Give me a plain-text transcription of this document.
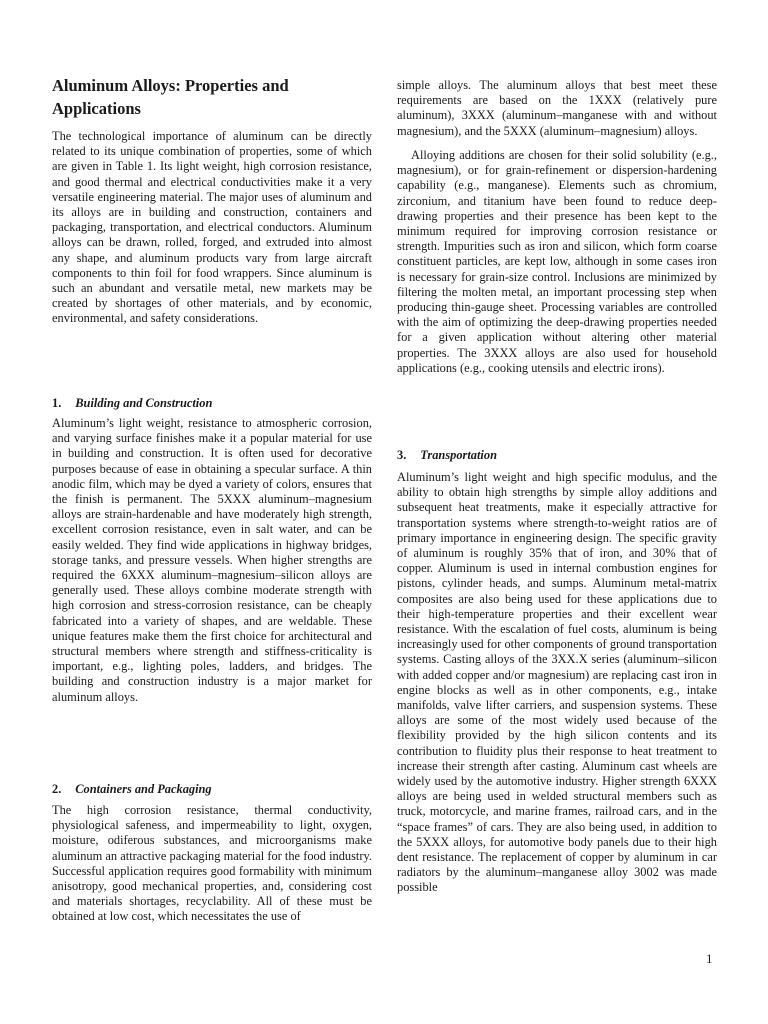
Aluminum Alloys: Properties and Applications

The technological importance of aluminum can be directly related to its unique combination of properties, some of which are given in Table 1. Its light weight, high corrosion resistance, and good thermal and electrical conductivities make it a very versatile engineering material. The major uses of aluminum and its alloys are in building and construction, containers and packaging, transportation, and electrical conductors. Aluminum alloys can be drawn, rolled, forged, and extruded into almost any shape, and aluminum products vary from large aircraft components to thin foil for food wrappers. Since aluminum is such an abundant and versatile metal, new markets may be created by shortages of other materials, and by economic, environmental, and safety considerations.

1. Building and Construction

Aluminum’s light weight, resistance to atmospheric corrosion, and varying surface finishes make it a popular material for use in building and construction. It is often used for decorative purposes because of ease in obtaining a specular surface. A thin anodic film, which may be dyed a variety of colors, ensures that the finish is permanent. The 5XXX aluminum–magnesium alloys are strain-hardenable and have moderately high strength, excellent corrosion resistance, even in salt water, and can be easily welded. They find wide applications in highway bridges, storage tanks, and pressure vessels. When higher strengths are required the 6XXX aluminum–magnesium–silicon alloys are generally used. These alloys combine moderate strength with high corrosion and stress-corrosion resistance, can be cheaply fabricated into a variety of shapes, and are weldable. These unique features make them the first choice for architectural and structural members where strength and stiffness-criticality is important, e.g., lighting poles, ladders, and bridges. The building and construction industry is a major market for aluminum alloys.

2. Containers and Packaging

The high corrosion resistance, thermal conductivity, physiological safeness, and impermeability to light, oxygen, moisture, odiferous substances, and microorganisms make aluminum an attractive packaging material for the food industry. Successful application requires good formability with minimum anisotropy, good mechanical properties, and, considering cost and materials shortages, recyclability. All of these must be obtained at low cost, which necessitates the use of

simple alloys. The aluminum alloys that best meet these requirements are based on the 1XXX (relatively pure aluminum), 3XXX (aluminum–manganese with and without magnesium), and the 5XXX (aluminum–magnesium) alloys.

Alloying additions are chosen for their solid solubility (e.g., magnesium), or for grain-refinement or dispersion-hardening capability (e.g., manganese). Elements such as chromium, zirconium, and titanium have been found to reduce deep-drawing properties and their presence has been kept to the minimum required for improving corrosion resistance or strength. Impurities such as iron and silicon, which form coarse constituent particles, are kept low, although in some cases iron is necessary for grain-size control. Inclusions are minimized by filtering the molten metal, an important processing step when producing thin-gauge sheet. Processing variables are controlled with the aim of optimizing the deep-drawing properties needed for a given application without altering other material properties. The 3XXX alloys are also used for household applications (e.g., cooking utensils and electric irons).

3. Transportation

Aluminum’s light weight and high specific modulus, and the ability to obtain high strengths by simple alloy additions and subsequent heat treatments, make it especially attractive for transportation systems where strength-to-weight ratios are of primary importance in engineering design. The specific gravity of aluminum is roughly 35% that of iron, and 30% that of copper. Aluminum is used in internal combustion engines for pistons, cylinder heads, and sumps. Aluminum metal-matrix composites are also being used for these applications due to their high-temperature properties and their excellent wear resistance. With the escalation of fuel costs, aluminum is being increasingly used for other components of ground transportation systems. Casting alloys of the 3XX.X series (aluminum–silicon with added copper and/or magnesium) are replacing cast iron in engine blocks as well as in other components, e.g., intake manifolds, valve lifter carriers, and suspension systems. These alloys are some of the most widely used because of the flexibility provided by the high silicon contents and its contribution to fluidity plus their response to heat treatment to increase their strength after casting. Aluminum cast wheels are widely used by the automotive industry. Higher strength 6XXX alloys are being used in welded structural members such as truck, motorcycle, and marine frames, railroad cars, and in the “space frames” of cars. They are also being used, in addition to the 5XXX alloys, for automotive body panels due to their high dent resistance. The replacement of copper by aluminum in car radiators by the aluminum–manganese alloy 3002 was made possible

1
